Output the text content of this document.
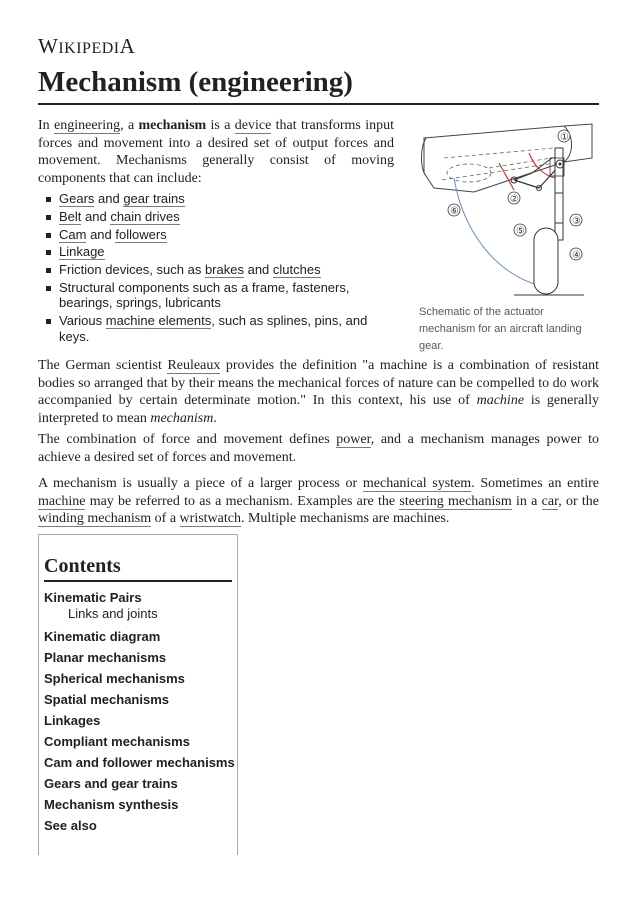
WIKIPEDIA
Mechanism (engineering)
①
②
③
④
⑤
⑥
Schematic of the actuator mechanism for an aircraft landing gear.

In engineering, a mechanism is a device that transforms input forces and movement into a desired set of output forces and movement. Mechanisms generally consist of moving components that can include:

Gears and gear trains
Belt and chain drives
Cam and followers
Linkage
Friction devices, such as brakes and clutches
Structural components such as a frame, fasteners, bearings, springs, lubricants
Various machine elements, such as splines, pins, and keys.

The German scientist Reuleaux provides the definition "a machine is a combination of resistant bodies so arranged that by their means the mechanical forces of nature can be compelled to do work accompanied by certain determinate motion." In this context, his use of machine is generally interpreted to mean mechanism.

The combination of force and movement defines power, and a mechanism manages power to achieve a desired set of forces and movement.

A mechanism is usually a piece of a larger process or mechanical system. Sometimes an entire machine may be referred to as a mechanism. Examples are the steering mechanism in a car, or the winding mechanism of a wristwatch. Multiple mechanisms are machines.

Contents
Kinematic Pairs
Links and joints
Kinematic diagram
Planar mechanisms
Spherical mechanisms
Spatial mechanisms
Linkages
Compliant mechanisms
Cam and follower mechanisms
Gears and gear trains
Mechanism synthesis
See also
